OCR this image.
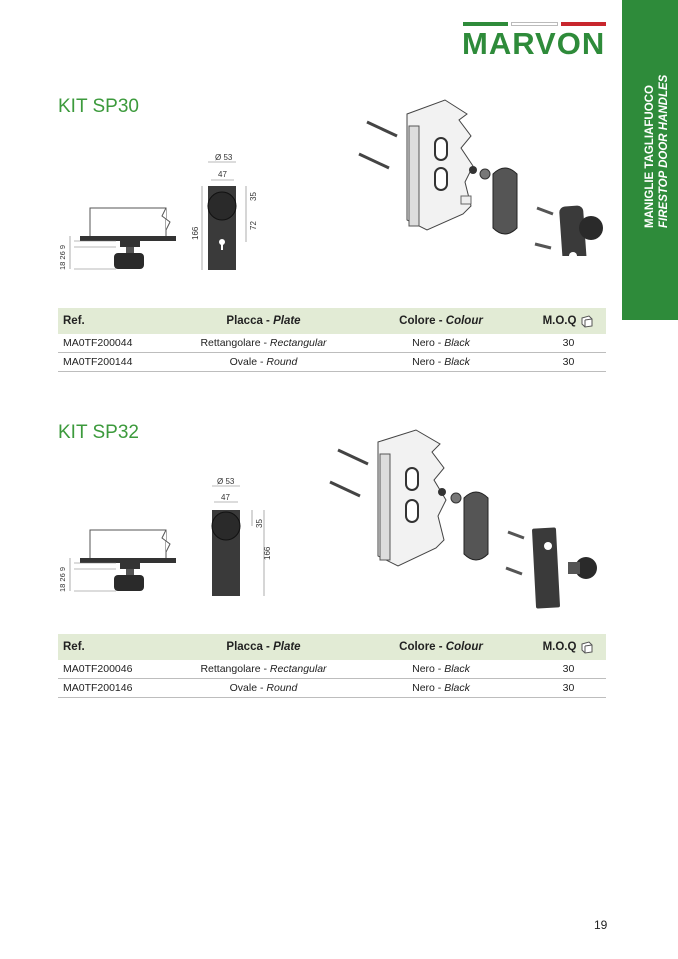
MARVON
MANIGLIE TAGLIAFUOCO FIRESTOP DOOR HANDLES
KIT SP30
18 26 9
166
35
72
Ø 53
47
Ref.	Placca - Plate	Colore - Colour	M.O.Q
MA0TF200044	Rettangolare - Rectangular	Nero - Black	30
MA0TF200144	Ovale - Round	Nero - Black	30
KIT SP32
18 26 9
35
166
Ø 53
47
Ref.	Placca - Plate	Colore - Colour	M.O.Q
MA0TF200046	Rettangolare - Rectangular	Nero - Black	30
MA0TF200146	Ovale - Round	Nero - Black	30
19
